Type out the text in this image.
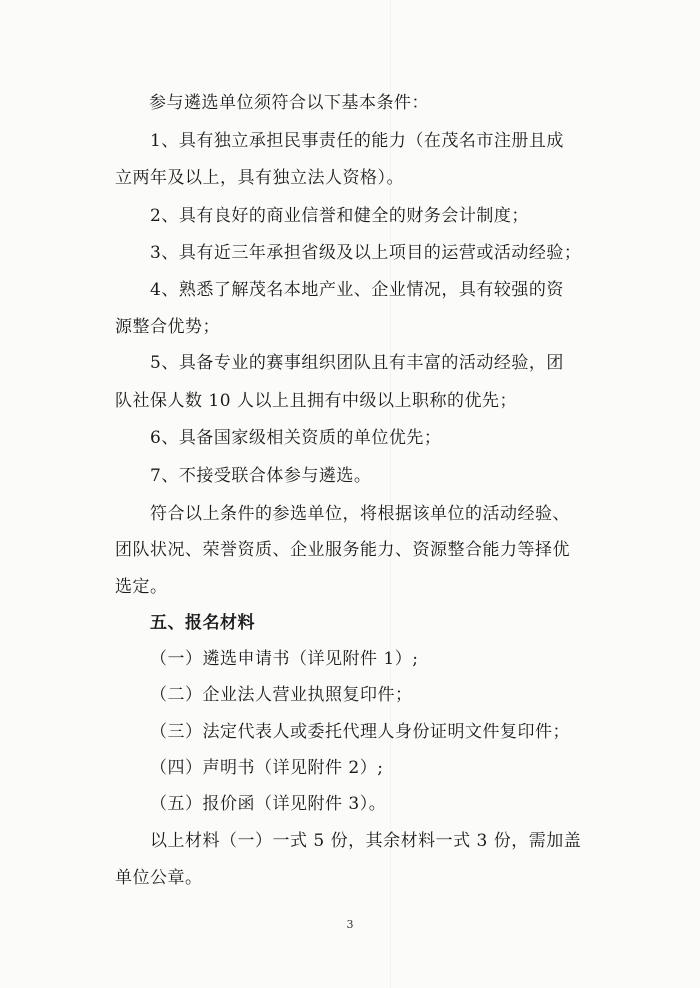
参与遴选单位须符合以下基本条件：
1、具有独立承担民事责任的能力（在茂名市注册且成
立两年及以上，具有独立法人资格）。
2、具有良好的商业信誉和健全的财务会计制度；
3、具有近三年承担省级及以上项目的运营或活动经验；
4、熟悉了解茂名本地产业、企业情况，具有较强的资
源整合优势；
5、具备专业的赛事组织团队且有丰富的活动经验，团
队社保人数 10 人以上且拥有中级以上职称的优先；
6、具备国家级相关资质的单位优先；
7、不接受联合体参与遴选。
符合以上条件的参选单位，将根据该单位的活动经验、
团队状况、荣誉资质、企业服务能力、资源整合能力等择优
选定。
五、报名材料
（一）遴选申请书（详见附件 1）;
（二）企业法人营业执照复印件；
（三）法定代表人或委托代理人身份证明文件复印件；
（四）声明书（详见附件 2）;
（五）报价函（详见附件 3）。
以上材料（一）一式 5 份，其余材料一式 3 份，需加盖
单位公章。
3
